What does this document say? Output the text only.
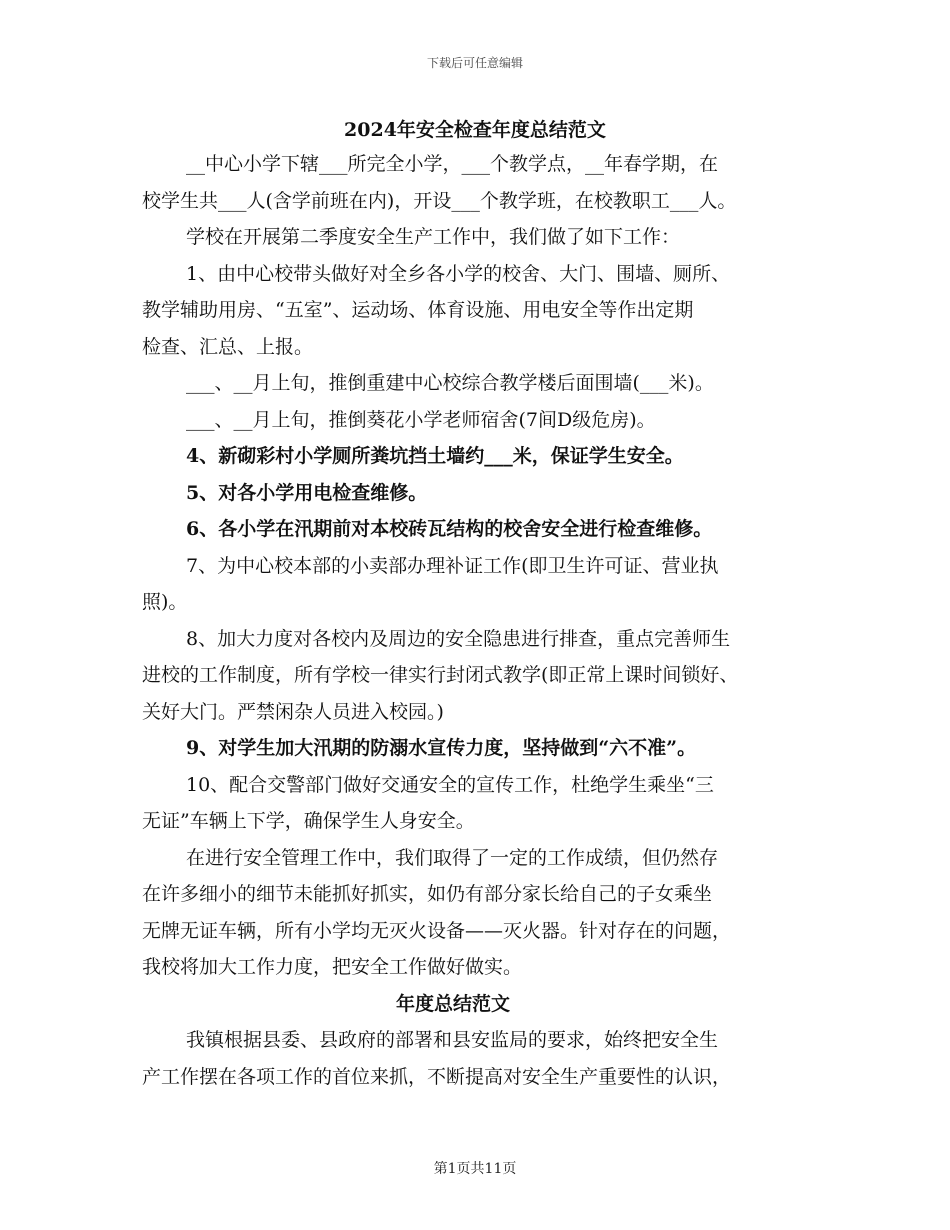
下载后可任意编辑
2024年安全检查年度总结范文

__中心小学下辖___所完全小学，___个教学点，__年春学期，在

校学生共___人(含学前班在内)，开设___个教学班，在校教职工___人。

学校在开展第二季度安全生产工作中，我们做了如下工作：

1、由中心校带头做好对全乡各小学的校舍、大门、围墙、厕所、

教学辅助用房、“五室”、运动场、体育设施、用电安全等作出定期

检查、汇总、上报。

___、__月上旬，推倒重建中心校综合教学楼后面围墙(___米)。

___、__月上旬，推倒葵花小学老师宿舍(7间D级危房)。

4、新砌彩村小学厕所粪坑挡土墙约___米，保证学生安全。

5、对各小学用电检查维修。

6、各小学在汛期前对本校砖瓦结构的校舍安全进行检查维修。

7、为中心校本部的小卖部办理补证工作(即卫生许可证、营业执

照)。

8、加大力度对各校内及周边的安全隐患进行排查，重点完善师生

进校的工作制度，所有学校一律实行封闭式教学(即正常上课时间锁好、

关好大门。严禁闲杂人员进入校园。)

9、对学生加大汛期的防溺水宣传力度，坚持做到“六不准”。

10、配合交警部门做好交通安全的宣传工作，杜绝学生乘坐“三

无证”车辆上下学，确保学生人身安全。

在进行安全管理工作中，我们取得了一定的工作成绩，但仍然存

在许多细小的细节未能抓好抓实，如仍有部分家长给自己的子女乘坐

无牌无证车辆，所有小学均无灭火设备——灭火器。针对存在的问题，

我校将加大工作力度，把安全工作做好做实。

年度总结范文

我镇根据县委、县政府的部署和县安监局的要求，始终把安全生

产工作摆在各项工作的首位来抓，不断提高对安全生产重要性的认识，

第1页共11页
